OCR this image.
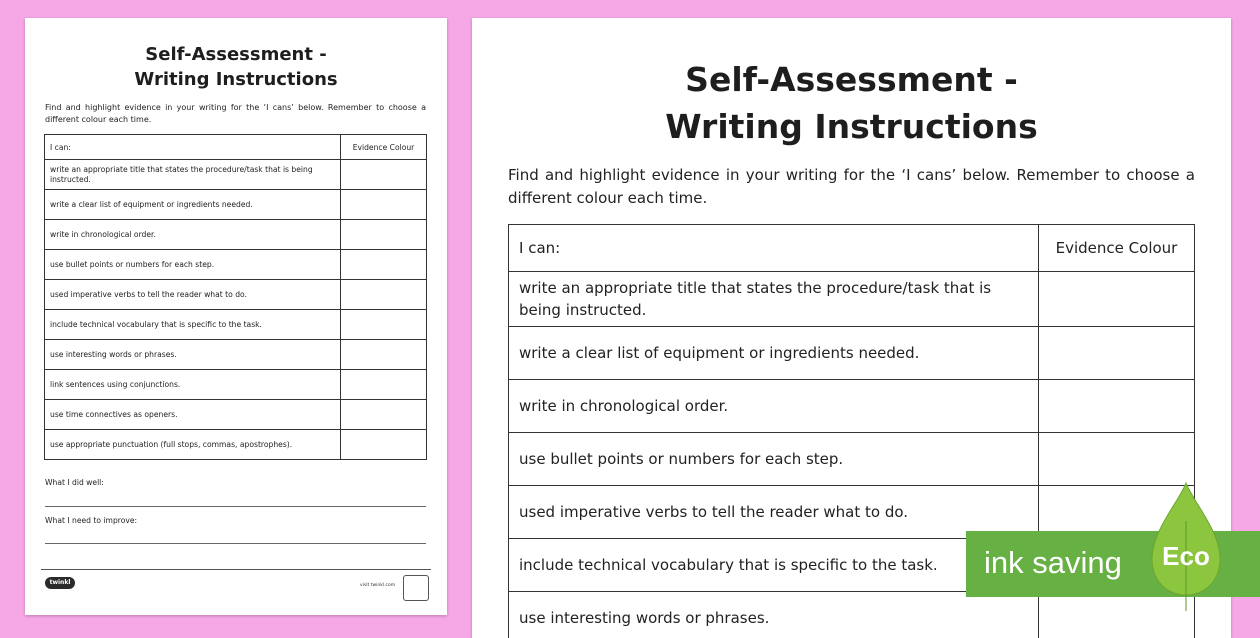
Self-Assessment -
Writing Instructions
Find and highlight evidence in your writing for the ‘I cans’ below. Remember to choose a different colour each time.
I can:	Evidence Colour
write an appropriate title that states the procedure/task that is being instructed.	
write a clear list of equipment or ingredients needed.	
write in chronological order.	
use bullet points or numbers for each step.	
used imperative verbs to tell the reader what to do.	
include technical vocabulary that is specific to the task.	
use interesting words or phrases.	
link sentences using conjunctions.	
use time connectives as openers.	
use appropriate punctuation (full stops, commas, apostrophes).	
What I did well:
What I need to improve:
twinkl	visit twinkl.com
Self-Assessment -
Writing Instructions
Find and highlight evidence in your writing for the ‘I cans’ below. Remember to choose a different colour each time.
I can:	Evidence Colour
write an appropriate title that states the procedure/task that is being instructed.	
write a clear list of equipment or ingredients needed.	
write in chronological order.	
use bullet points or numbers for each step.	
used imperative verbs to tell the reader what to do.	
include technical vocabulary that is specific to the task.	
use interesting words or phrases.	
ink saving	Eco
